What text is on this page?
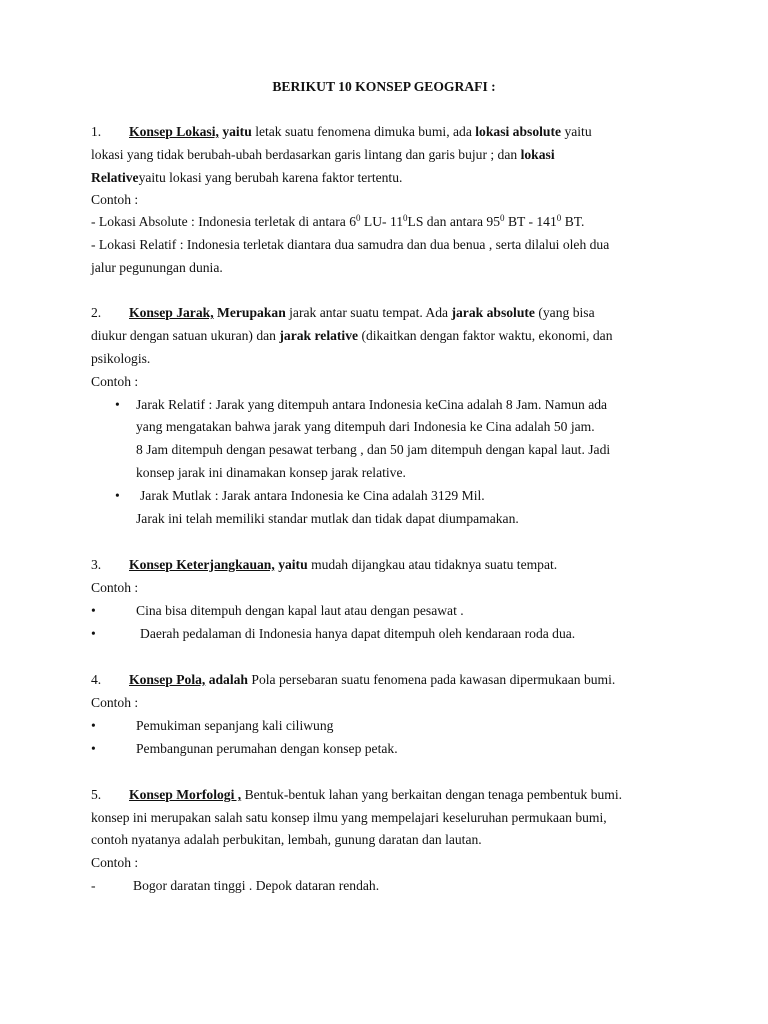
BERIKUT 10 KONSEP GEOGRAFI :
1. Konsep Lokasi, yaitu letak suatu fenomena dimuka bumi, ada lokasi absolute yaitu
lokasi yang tidak berubah-ubah berdasarkan garis lintang dan garis bujur ; dan lokasi
Relativeyaitu lokasi yang berubah karena faktor tertentu.
Contoh :
- Lokasi Absolute : Indonesia terletak di antara $6^0$ LU- $11^0LS$ dan antara $95^0$ BT - $141^0$ BT.
- Lokasi Relatif : Indonesia terletak diantara dua samudra dan dua benua , serta dilalui oleh dua
jalur pegunungan dunia.
2. Konsep Jarak, Merupakan jarak antar suatu tempat. Ada jarak absolute (yang bisa
diukur dengan satuan ukuran) dan jarak relative (dikaitkan dengan faktor waktu, ekonomi, dan
psikologis.
Contoh :
• Jarak Relatif : Jarak yang ditempuh antara Indonesia keCina adalah 8 Jam. Namun ada
yang mengatakan bahwa jarak yang ditempuh dari Indonesia ke Cina adalah 50 jam.
8 Jam ditempuh dengan pesawat terbang , dan 50 jam ditempuh dengan kapal laut. Jadi
konsep jarak ini dinamakan konsep jarak relative.
• Jarak Mutlak : Jarak antara Indonesia ke Cina adalah 3129 Mil.
Jarak ini telah memiliki standar mutlak dan tidak dapat diumpamakan.
3. Konsep Keterjangkauan, yaitu mudah dijangkau atau tidaknya suatu tempat.
Contoh :
•	Cina bisa ditempuh dengan kapal laut atau dengan pesawat .
•	Daerah pedalaman di Indonesia hanya dapat ditempuh oleh kendaraan roda dua.
4. Konsep Pola, adalah Pola persebaran suatu fenomena pada kawasan dipermukaan bumi.
Contoh :
•	Pemukiman sepanjang kali ciliwung
•	Pembangunan perumahan dengan konsep petak.
5. Konsep Morfologi , Bentuk-bentuk lahan yang berkaitan dengan tenaga pembentuk bumi.
konsep ini merupakan salah satu konsep ilmu yang mempelajari keseluruhan permukaan bumi,
contoh nyatanya adalah perbukitan, lembah, gunung daratan dan lautan.
Contoh :
-	Bogor daratan tinggi . Depok dataran rendah.
